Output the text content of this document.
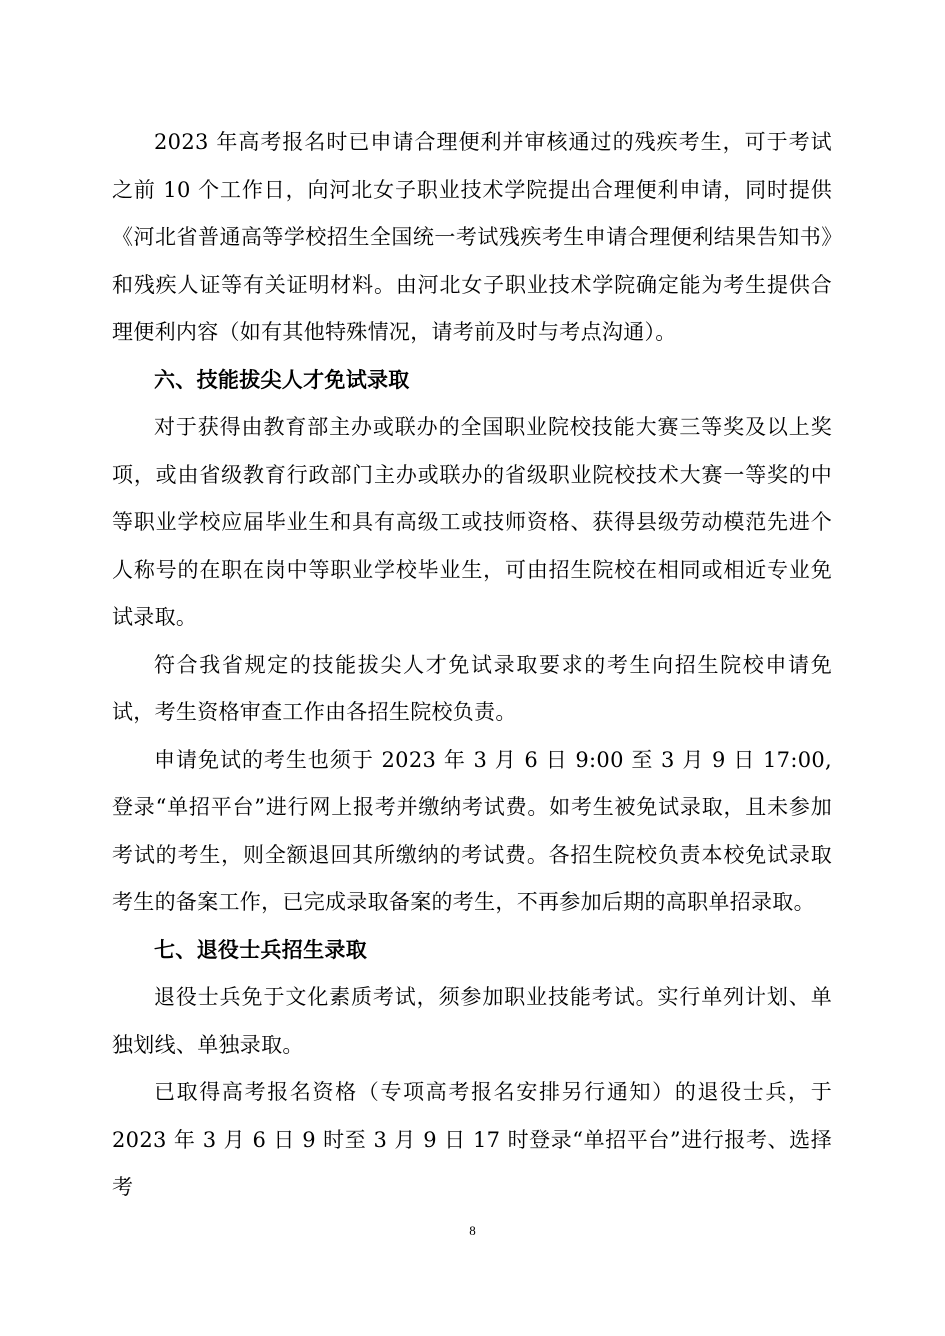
2023 年高考报名时已申请合理便利并审核通过的残疾考生，可于考试之前 10 个工作日，向河北女子职业技术学院提出合理便利申请，同时提供《河北省普通高等学校招生全国统一考试残疾考生申请合理便利结果告知书》和残疾人证等有关证明材料。由河北女子职业技术学院确定能为考生提供合理便利内容（如有其他特殊情况，请考前及时与考点沟通）。

六、技能拔尖人才免试录取

对于获得由教育部主办或联办的全国职业院校技能大赛三等奖及以上奖项，或由省级教育行政部门主办或联办的省级职业院校技术大赛一等奖的中等职业学校应届毕业生和具有高级工或技师资格、获得县级劳动模范先进个人称号的在职在岗中等职业学校毕业生，可由招生院校在相同或相近专业免试录取。

符合我省规定的技能拔尖人才免试录取要求的考生向招生院校申请免试，考生资格审查工作由各招生院校负责。

申请免试的考生也须于 2023 年 3 月 6 日 9:00 至 3 月 9 日 17:00,登录“单招平台”进行网上报考并缴纳考试费。如考生被免试录取，且未参加考试的考生，则全额退回其所缴纳的考试费。各招生院校负责本校免试录取考生的备案工作，已完成录取备案的考生，不再参加后期的高职单招录取。

七、退役士兵招生录取

退役士兵免于文化素质考试，须参加职业技能考试。实行单列计划、单独划线、单独录取。

已取得高考报名资格（专项高考报名安排另行通知）的退役士兵，于 2023 年 3 月 6 日 9 时至 3 月 9 日 17 时登录“单招平台”进行报考、选择考

8
